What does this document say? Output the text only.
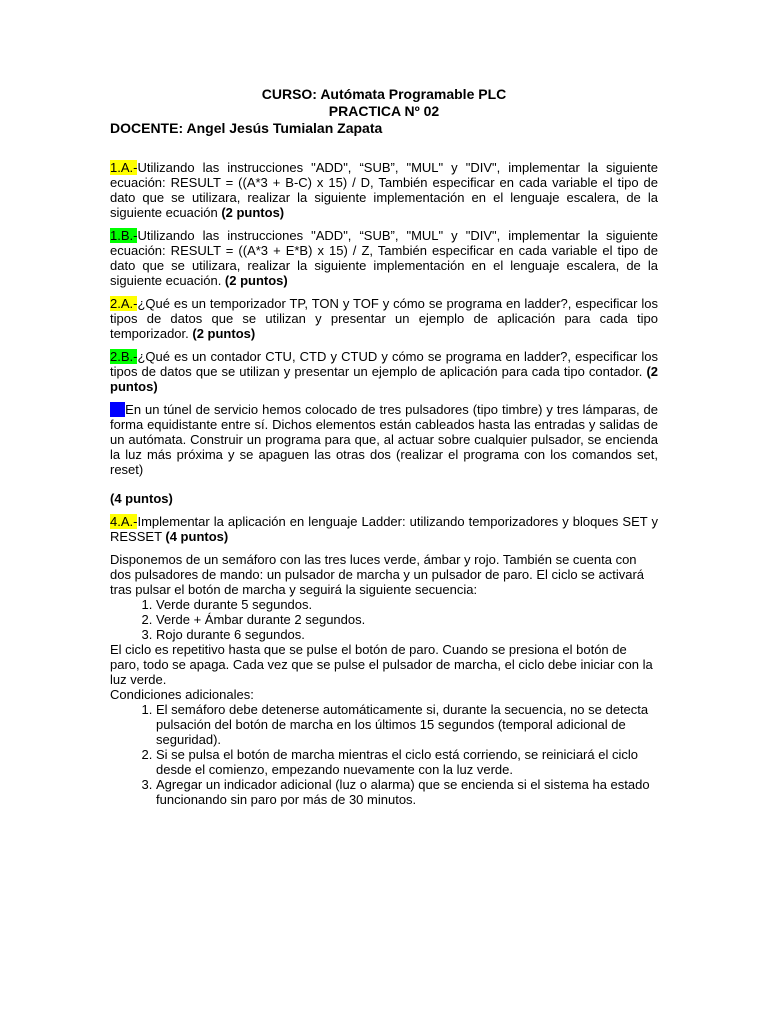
CURSO: Autómata Programable PLC
PRACTICA Nº 02
DOCENTE: Angel Jesús Tumialan Zapata

1.A.-Utilizando las instrucciones "ADD", “SUB”, "MUL" y "DIV", implementar la siguiente ecuación: RESULT = ((A*3 + B-C) x 15) / D, También especificar en cada variable el tipo de dato que se utilizara, realizar la siguiente implementación en el lenguaje escalera, de la siguiente ecuación (2 puntos)

1.B.-Utilizando las instrucciones "ADD", “SUB”, "MUL" y "DIV", implementar la siguiente ecuación: RESULT = ((A*3 + E*B) x 15) / Z, También especificar en cada variable el tipo de dato que se utilizara, realizar la siguiente implementación en el lenguaje escalera, de la siguiente ecuación. (2 puntos)

2.A.-¿Qué es un temporizador TP, TON y TOF y cómo se programa en ladder?, especificar los tipos de datos que se utilizan y presentar un ejemplo de aplicación para cada tipo temporizador. (2 puntos)

2.B.-¿Qué es un contador CTU, CTD y CTUD y cómo se programa en ladder?, especificar los tipos de datos que se utilizan y presentar un ejemplo de aplicación para cada tipo contador. (2 puntos)

3.-En un túnel de servicio hemos colocado de tres pulsadores (tipo timbre) y tres lámparas, de forma equidistante entre sí. Dichos elementos están cableados hasta las entradas y salidas de un autómata. Construir un programa para que, al actuar sobre cualquier pulsador, se encienda la luz más próxima y se apaguen las otras dos (realizar el programa con los comandos set, reset)

(4 puntos)

4.A.-Implementar la aplicación en lenguaje Ladder: utilizando temporizadores y bloques SET y RESSET (4 puntos)

Disponemos de un semáforo con las tres luces verde, ámbar y rojo. También se cuenta con dos pulsadores de mando: un pulsador de marcha y un pulsador de paro. El ciclo se activará tras pulsar el botón de marcha y seguirá la siguiente secuencia:

1. Verde durante 5 segundos.
2. Verde + Ámbar durante 2 segundos.
3. Rojo durante 6 segundos.

El ciclo es repetitivo hasta que se pulse el botón de paro. Cuando se presiona el botón de paro, todo se apaga. Cada vez que se pulse el pulsador de marcha, el ciclo debe iniciar con la luz verde.

Condiciones adicionales:

1. El semáforo debe detenerse automáticamente si, durante la secuencia, no se detecta pulsación del botón de marcha en los últimos 15 segundos (temporal adicional de seguridad).
2. Si se pulsa el botón de marcha mientras el ciclo está corriendo, se reiniciará el ciclo desde el comienzo, empezando nuevamente con la luz verde.
3. Agregar un indicador adicional (luz o alarma) que se encienda si el sistema ha estado funcionando sin paro por más de 30 minutos.
